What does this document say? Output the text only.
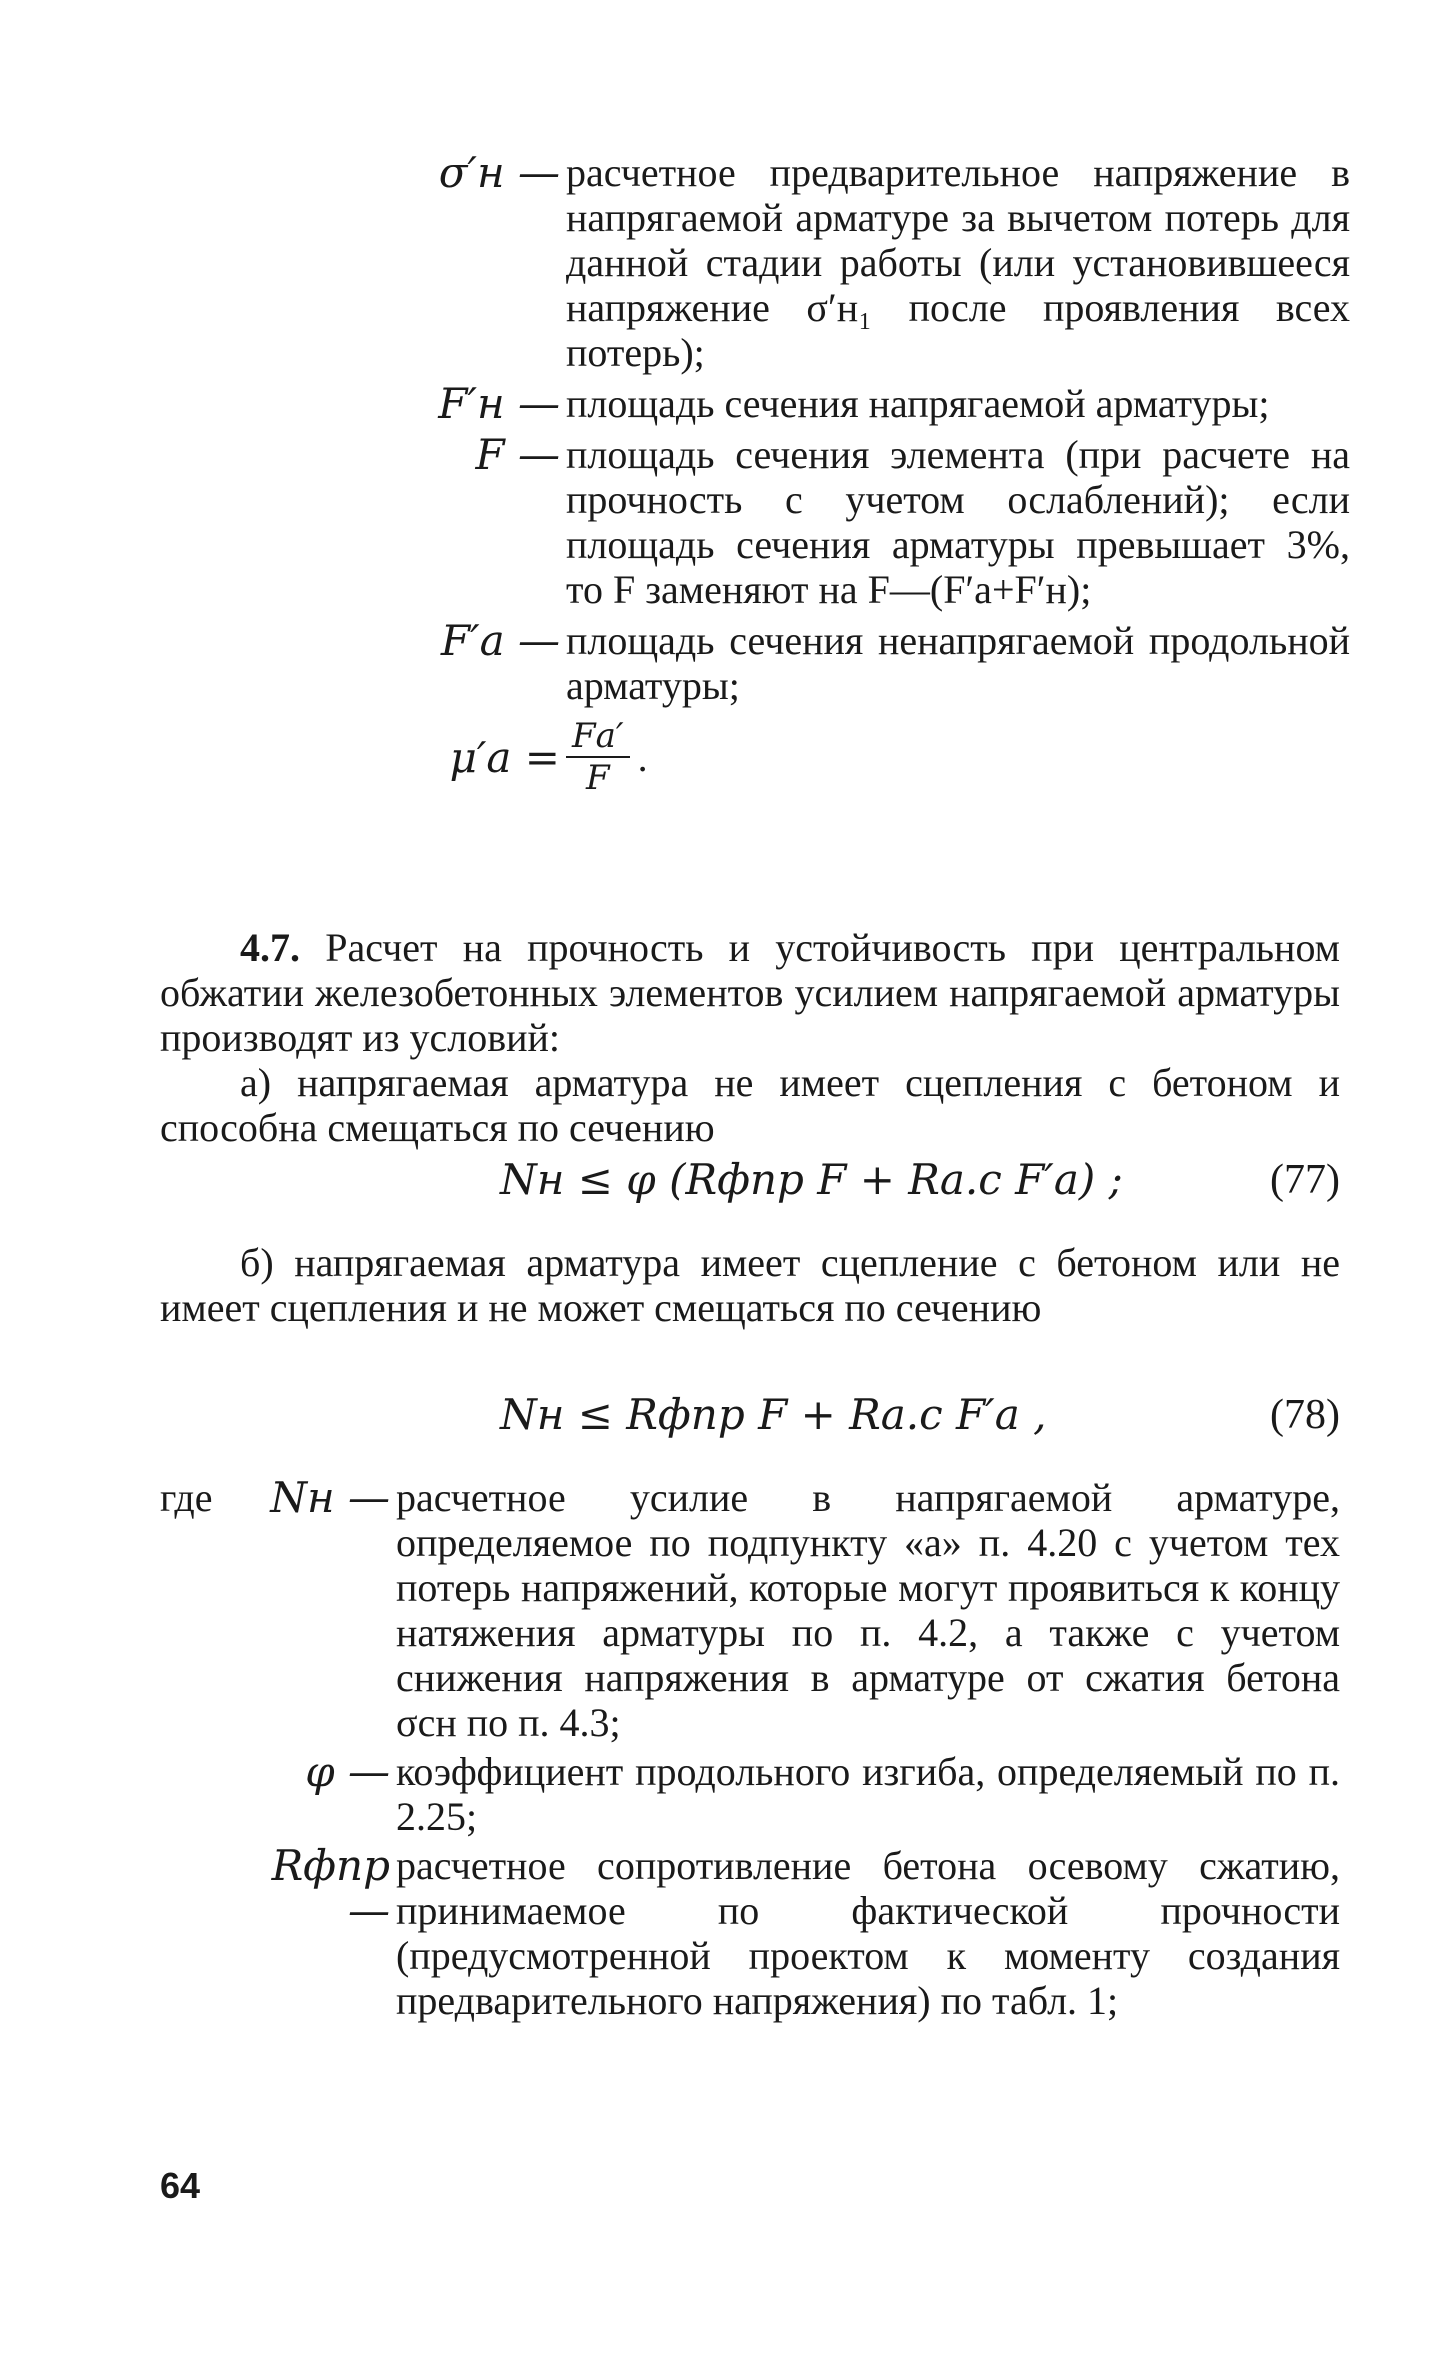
σ′н — расчетное предварительное напряжение в напрягаемой арматуре за вычетом потерь для данной стадии работы (или установившееся напряжение σ′н₁ после проявления всех потерь);
F′н — площадь сечения напрягаемой арматуры;
F — площадь сечения элемента (при расчете на прочность с учетом ослаблений); если площадь сечения арматуры превышает 3%, то F заменяют на F—(F′а+F′н);
F′а — площадь сечения ненапрягаемой продольной арматуры;
$\mu'а = \frac{Fа'}{F}$ .
4.7. Расчет на прочность и устойчивость при центральном обжатии железобетонных элементов усилием напрягаемой арматуры производят из условий:
а) напрягаемая арматура не имеет сцепления с бетоном и способна смещаться по сечению
Nн ≤ φ (Rфпр F + Rа.с F′а) ;	(77)
б) напрягаемая арматура имеет сцепление с бетоном или не имеет сцепления и не может смещаться по сечению
Nн ≤ Rфпр F + Rа.с F′а ,	(78)
где	Nн — расчетное усилие в напрягаемой арматуре, определяемое по подпункту «а» п. 4.20 с учетом тех потерь напряжений, которые могут проявиться к концу натяжения арматуры по п. 4.2, а также с учетом снижения напряжения в арматуре от сжатия бетона σсн по п. 4.3;
φ — коэффициент продольного изгиба, определяемый по п. 2.25;
Rфпр —
расчетное сопротивление бетона осевому сжатию, принимаемое по фактической прочности (предусмотренной проектом к моменту создания предварительного напряжения) по табл. 1;
64
